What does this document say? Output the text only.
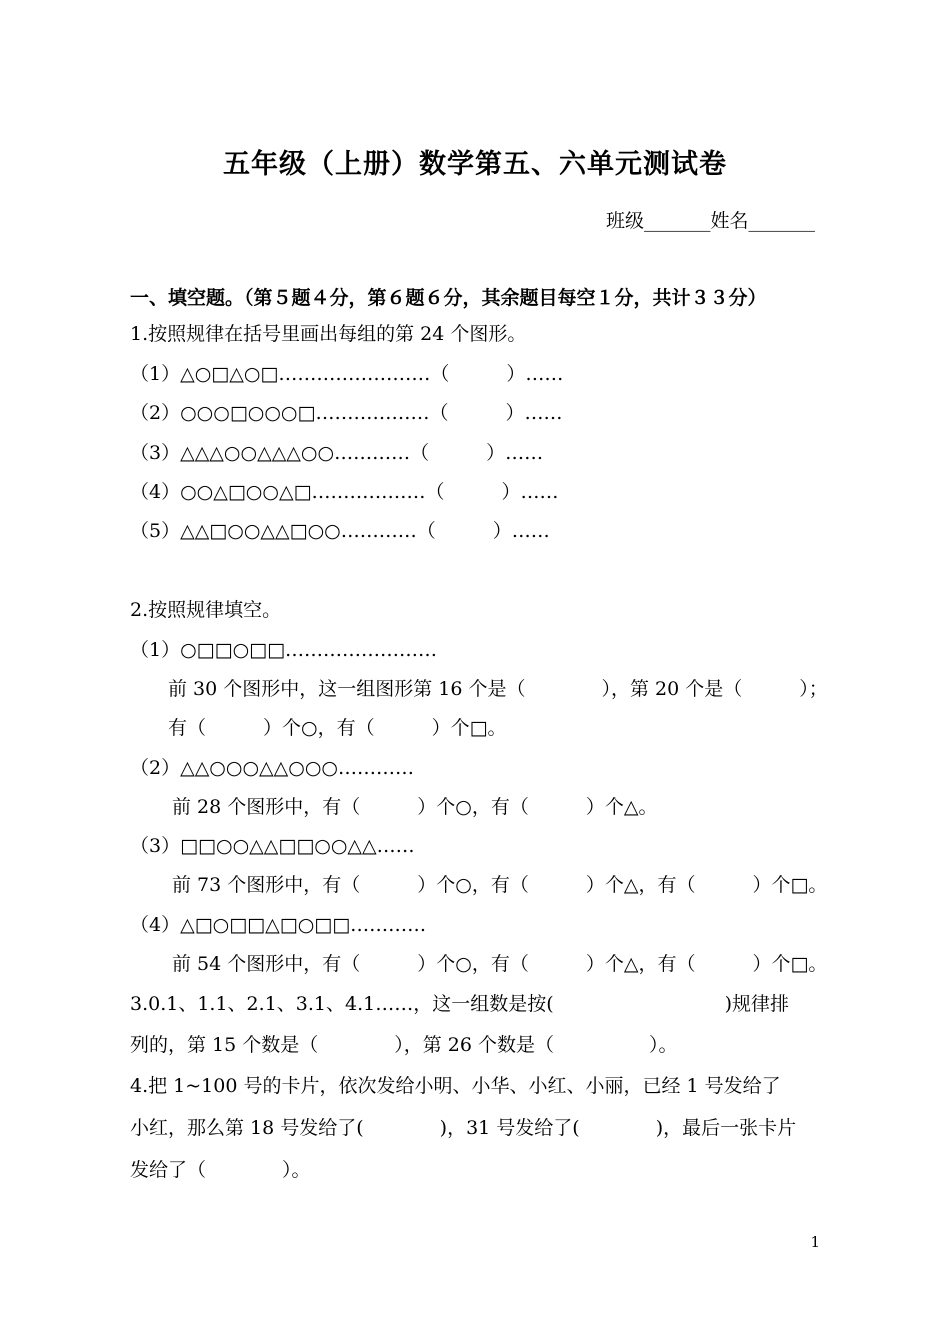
五年级（上册）数学第五、六单元测试卷
班级_______姓名_______
一、填空题。（第５题４分，第６题６分，其余题目每空１分，共计３３分）
1.按照规律在括号里画出每组的第 24 个图形。
（1）△○□△○□……………………（　　　）……
（2）○○○□○○○□………………（　　　）……
（3）△△△○○△△△○○…………（　　　）……
（4）○○△□○○△□………………（　　　）……
（5）△△□○○△△□○○…………（　　　）……
2.按照规律填空。
（1）○□□○□□……………………
前 30 个图形中，这一组图形第 16 个是（　　　　），第 20 个是（　　　）；
有（　　　）个○，有（　　　）个□。
（2）△△○○○△△○○○…………
前 28 个图形中，有（　　　）个○，有（　　　）个△。
（3）□□○○△△□□○○△△……
前 73 个图形中，有（　　　）个○，有（　　　）个△，有（　　　）个□。
（4）△□○□□△□○□□…………
前 54 个图形中，有（　　　）个○，有（　　　）个△，有（　　　）个□。
3.0.1、1.1、2.1、3.1、4.1……，这一组数是按(　　　　　　　　　)规律排
列的，第 15 个数是（　　　　），第 26 个数是（　　　　　）。
4.把 1~100 号的卡片，依次发给小明、小华、小红、小丽，已经 1 号发给了
小红，那么第 18 号发给了(　　　　)，31 号发给了(　　　　)，最后一张卡片
发给了（　　　　）。
1
